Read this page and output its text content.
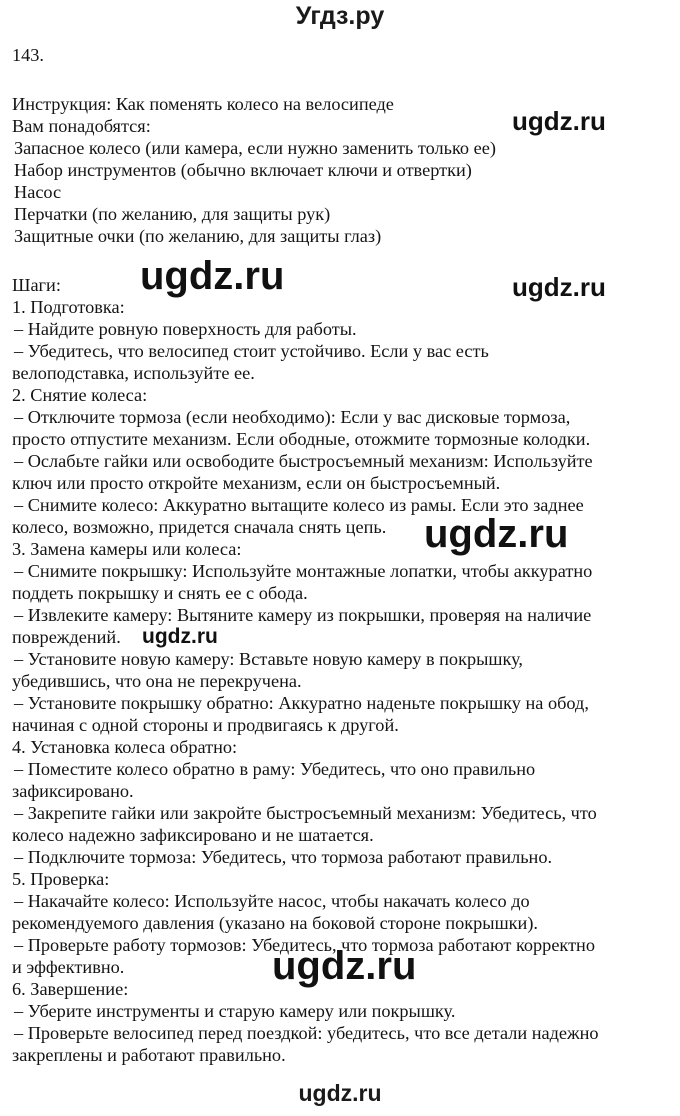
Угдз.ру
143.
Инструкция: Как поменять колесо на велосипеде
Вам понадобятся:
Запасное колесо (или камера, если нужно заменить только ее)
Набор инструментов (обычно включает ключи и отвертки)
Насос
Перчатки (по желанию, для защиты рук)
Защитные очки (по желанию, для защиты глаз)
Шаги:
1. Подготовка:
– Найдите ровную поверхность для работы.
– Убедитесь, что велосипед стоит устойчиво. Если у вас есть
велоподставка, используйте ее.
2. Снятие колеса:
– Отключите тормоза (если необходимо): Если у вас дисковые тормоза,
просто отпустите механизм. Если ободные, отожмите тормозные колодки.
– Ослабьте гайки или освободите быстросъемный механизм: Используйте
ключ или просто откройте механизм, если он быстросъемный.
– Снимите колесо: Аккуратно вытащите колесо из рамы. Если это заднее
колесо, возможно, придется сначала снять цепь.
3. Замена камеры или колеса:
– Снимите покрышку: Используйте монтажные лопатки, чтобы аккуратно
поддеть покрышку и снять ее с обода.
– Извлеките камеру: Вытяните камеру из покрышки, проверяя на наличие
повреждений.
– Установите новую камеру: Вставьте новую камеру в покрышку,
убедившись, что она не перекручена.
– Установите покрышку обратно: Аккуратно наденьте покрышку на обод,
начиная с одной стороны и продвигаясь к другой.
4. Установка колеса обратно:
– Поместите колесо обратно в раму: Убедитесь, что оно правильно
зафиксировано.
– Закрепите гайки или закройте быстросъемный механизм: Убедитесь, что
колесо надежно зафиксировано и не шатается.
– Подключите тормоза: Убедитесь, что тормоза работают правильно.
5. Проверка:
– Накачайте колесо: Используйте насос, чтобы накачать колесо до
рекомендуемого давления (указано на боковой стороне покрышки).
– Проверьте работу тормозов: Убедитесь, что тормоза работают корректно
и эффективно.
6. Завершение:
– Уберите инструменты и старую камеру или покрышку.
– Проверьте велосипед перед поездкой: убедитесь, что все детали надежно
закреплены и работают правильно.
ugdz.ru
ugdz.ru	ugdz.ru
ugdz.ru
ugdz.ru
ugdz.ru
ugdz.ru
